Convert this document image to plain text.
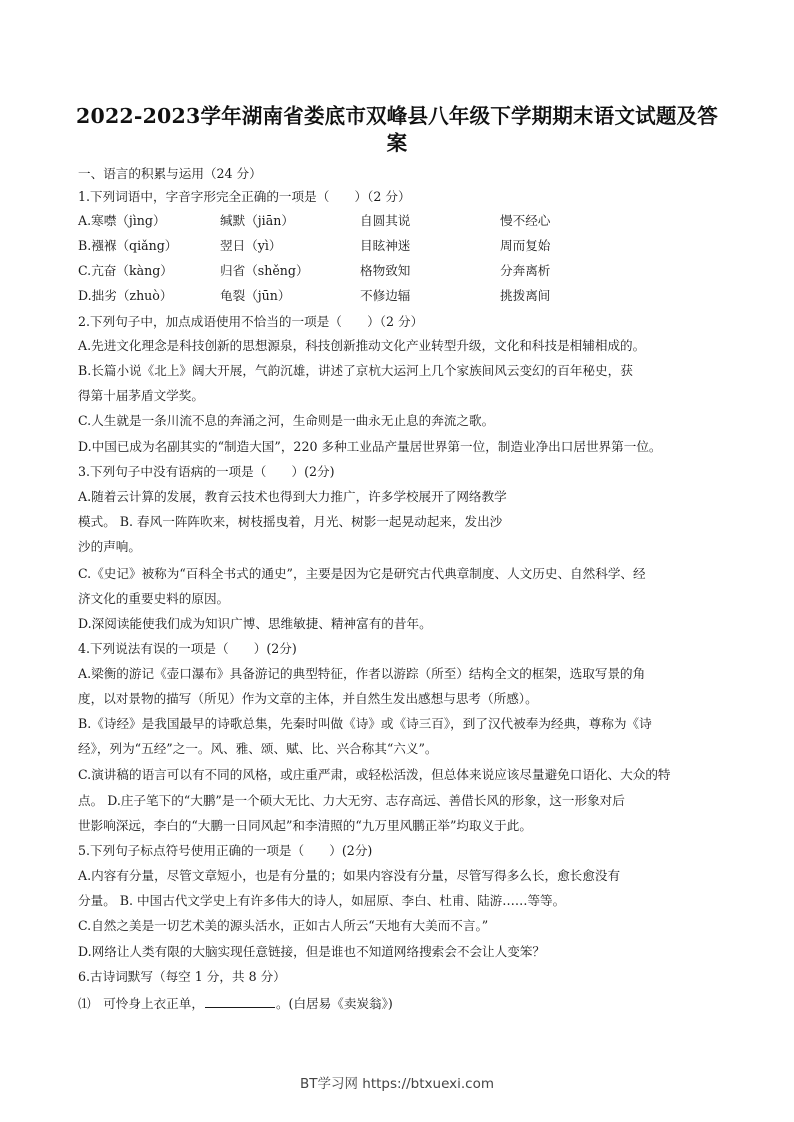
2022-2023学年湖南省娄底市双峰县八年级下学期期末语文试题及答
案
一、语言的积累与运用（24 分）
1.下列词语中，字音字形完全正确的一项是（　　）（2 分）
A.寒噤（jìng）	缄默（jiān）	自圆其说	慢不经心
B.襁褓（qiǎng）	翌日（yì）	目眩神迷	周而复始
C.亢奋（kàng）	归省（shěng）	格物致知	分奔离析
D.拙劣（zhuò）	龟裂（jūn）	不修边辐	挑拨离间
2.下列句子中，加点成语使用不恰当的一项是（　　）（2 分）
A.先进文化理念是科技创新的思想源泉，科技创新推动文化产业转型升级，文化和科技是相辅相成的。
B.长篇小说《北上》阔大开展，气韵沉雄，讲述了京杭大运河上几个家族间风云变幻的百年秘史，获
得第十届茅盾文学奖。
C.人生就是一条川流不息的奔涌之河，生命则是一曲永无止息的奔流之歌。
D.中国已成为名副其实的“制造大国”，220 多种工业品产量居世界第一位，制造业净出口居世界第一位。
3.下列句子中没有语病的一项是（　　）(2分)
A.随着云计算的发展，教育云技术也得到大力推广，许多学校展开了网络教学
模式。 B. 春风一阵阵吹来，树枝摇曳着，月光、树影一起晃动起来，发出沙
沙的声响。
C.《史记》被称为“百科全书式的通史”，主要是因为它是研究古代典章制度、人文历史、自然科学、经
济文化的重要史料的原因。
D.深阅读能使我们成为知识广博、思维敏捷、精神富有的昔年。
4.下列说法有误的一项是（　　）(2分)
A.梁衡的游记《壶口瀑布》具备游记的典型特征，作者以游踪（所至）结构全文的框架，选取写景的角
度，以对景物的描写（所见）作为文章的主体，并自然生发出感想与思考（所感）。
B.《诗经》是我国最早的诗歌总集，先秦时叫做《诗》或《诗三百》，到了汉代被奉为经典，尊称为《诗
经》，列为“五经”之一。风、雅、颂、赋、比、兴合称其“六义”。
C.演讲稿的语言可以有不同的风格，或庄重严肃，或轻松活泼，但总体来说应该尽量避免口语化、大众的特
点。 D.庄子笔下的“大鹏”是一个硕大无比、力大无穷、志存高远、善借长风的形象，这一形象对后
世影响深远，李白的“大鹏一日同风起”和李清照的“九万里风鹏正举”均取义于此。
5.下列句子标点符号使用正确的一项是（　　）(2分)
A.内容有分量，尽管文章短小，也是有分量的；如果内容没有分量，尽管写得多么长，愈长愈没有
分量。 B. 中国古代文学史上有许多伟大的诗人，如屈原、李白、杜甫、陆游……等等。
C.自然之美是一切艺术美的源头活水，正如古人所云“天地有大美而不言。”
D.网络让人类有限的大脑实现任意链接，但是谁也不知道网络搜索会不会让人变笨？
6.古诗词默写（每空 1 分，共 8 分）
⑴　可怜身上衣正单，	。(白居易《卖炭翁》)
BT学习网 https://btxuexi.com
